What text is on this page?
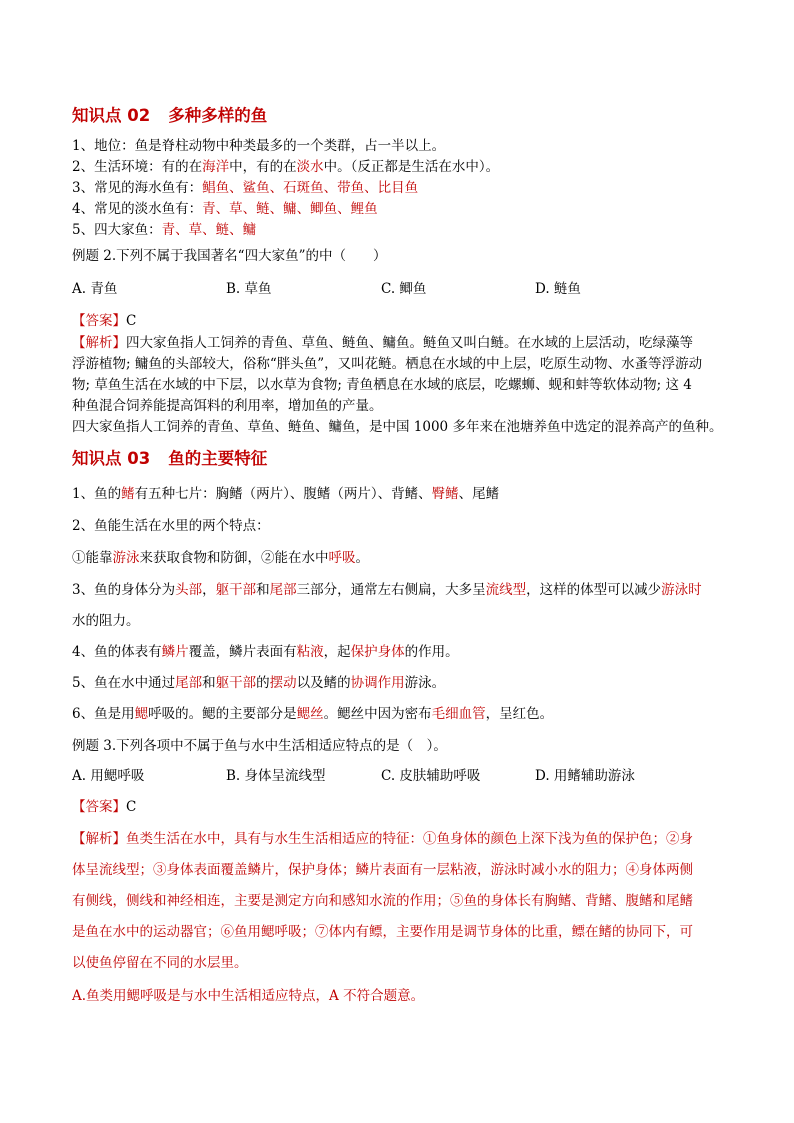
知识点 02 多种多样的鱼
1、地位：鱼是脊柱动物中种类最多的一个类群，占一半以上。
2、生活环境：有的在海洋中，有的在淡水中。（反正都是生活在水中）。
3、常见的海水鱼有：鲳鱼、鲨鱼、石斑鱼、带鱼、比目鱼
4、常见的淡水鱼有：青、草、鲢、鳙、鲫鱼、鲤鱼
5、四大家鱼：青、草、鲢、鳙
例题 2.下列不属于我国著名“四大家鱼”的中（　　）
A. 青鱼	B. 草鱼	C. 鲫鱼	D. 鲢鱼
【答案】C
【解析】四大家鱼指人工饲养的青鱼、草鱼、鲢鱼、鳙鱼。鲢鱼又叫白鲢。在水域的上层活动，吃绿藻等
浮游植物; 鳙鱼的头部较大，俗称“胖头鱼”，又叫花鲢。栖息在水域的中上层，吃原生动物、水蚤等浮游动
物; 草鱼生活在水域的中下层，以水草为食物; 青鱼栖息在水域的底层，吃螺蛳、蚬和蚌等软体动物; 这 4
种鱼混合饲养能提高饵料的利用率，增加鱼的产量。
四大家鱼指人工饲养的青鱼、草鱼、鲢鱼、鳙鱼，是中国 1000 多年来在池塘养鱼中选定的混养高产的鱼种。
知识点 03 鱼的主要特征
1、鱼的鳍有五种七片：胸鳍（两片）、腹鳍（两片）、背鳍、臀鳍、尾鳍
2、鱼能生活在水里的两个特点：
①能靠游泳来获取食物和防御，②能在水中呼吸。
3、鱼的身体分为头部，躯干部和尾部三部分，通常左右侧扁，大多呈流线型，这样的体型可以减少游泳时
水的阻力。
4、鱼的体表有鳞片覆盖，鳞片表面有粘液，起保护身体的作用。
5、鱼在水中通过尾部和躯干部的摆动以及鳍的协调作用游泳。
6、鱼是用鳃呼吸的。鳃的主要部分是鳃丝。鳃丝中因为密布毛细血管，呈红色。
例题 3.下列各项中不属于鱼与水中生活相适应特点的是（　）。
A. 用鳃呼吸	B. 身体呈流线型	C. 皮肤辅助呼吸	D. 用鳍辅助游泳
【答案】C
【解析】鱼类生活在水中，具有与水生生活相适应的特征：①鱼身体的颜色上深下浅为鱼的保护色；②身
体呈流线型；③身体表面覆盖鳞片，保护身体；鳞片表面有一层粘液，游泳时减小水的阻力；④身体两侧
有侧线，侧线和神经相连，主要是测定方向和感知水流的作用；⑤鱼的身体长有胸鳍、背鳍、腹鳍和尾鳍
是鱼在水中的运动器官；⑥鱼用鳃呼吸；⑦体内有鳔，主要作用是调节身体的比重，鳔在鳍的协同下，可
以使鱼停留在不同的水层里。
A.鱼类用鳃呼吸是与水中生活相适应特点，A 不符合题意。
